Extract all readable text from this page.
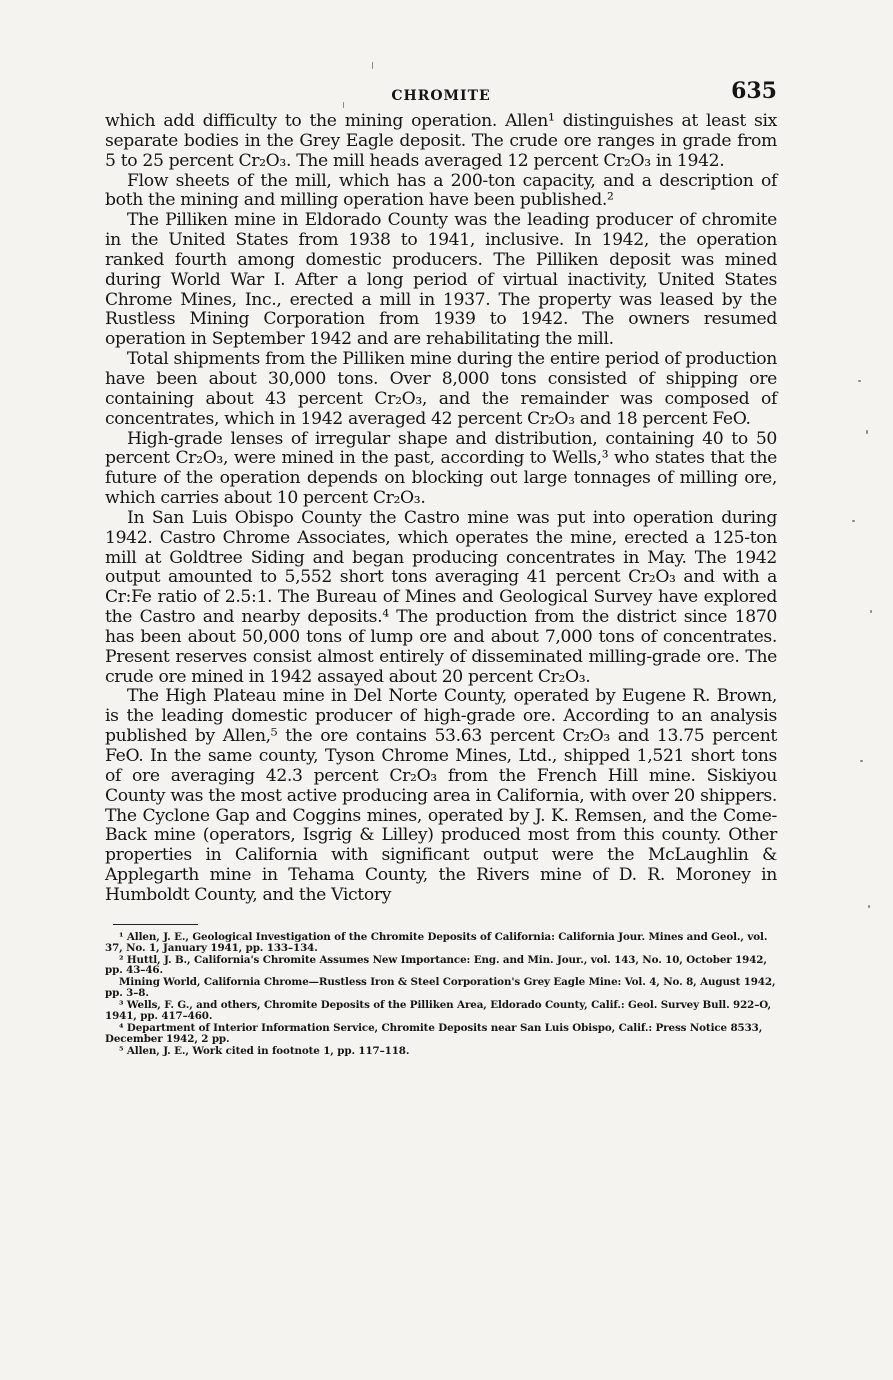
CHROMITE	635

which add difficulty to the mining operation. Allen¹ distinguishes at least six separate bodies in the Grey Eagle deposit. The crude ore ranges in grade from 5 to 25 percent Cr₂O₃. The mill heads averaged 12 percent Cr₂O₃ in 1942.

Flow sheets of the mill, which has a 200-ton capacity, and a description of both the mining and milling operation have been published.²

The Pilliken mine in Eldorado County was the leading producer of chromite in the United States from 1938 to 1941, inclusive. In 1942, the operation ranked fourth among domestic producers. The Pilliken deposit was mined during World War I. After a long period of virtual inactivity, United States Chrome Mines, Inc., erected a mill in 1937. The property was leased by the Rustless Mining Corporation from 1939 to 1942. The owners resumed operation in September 1942 and are rehabilitating the mill.

Total shipments from the Pilliken mine during the entire period of production have been about 30,000 tons. Over 8,000 tons consisted of shipping ore containing about 43 percent Cr₂O₃, and the remainder was composed of concentrates, which in 1942 averaged 42 percent Cr₂O₃ and 18 percent FeO.

High-grade lenses of irregular shape and distribution, containing 40 to 50 percent Cr₂O₃, were mined in the past, according to Wells,³ who states that the future of the operation depends on blocking out large tonnages of milling ore, which carries about 10 percent Cr₂O₃.

In San Luis Obispo County the Castro mine was put into operation during 1942. Castro Chrome Associates, which operates the mine, erected a 125-ton mill at Goldtree Siding and began producing concentrates in May. The 1942 output amounted to 5,552 short tons averaging 41 percent Cr₂O₃ and with a Cr:Fe ratio of 2.5:1. The Bureau of Mines and Geological Survey have explored the Castro and nearby deposits.⁴ The production from the district since 1870 has been about 50,000 tons of lump ore and about 7,000 tons of concentrates. Present reserves consist almost entirely of disseminated milling-grade ore. The crude ore mined in 1942 assayed about 20 percent Cr₂O₃.

The High Plateau mine in Del Norte County, operated by Eugene R. Brown, is the leading domestic producer of high-grade ore. According to an analysis published by Allen,⁵ the ore contains 53.63 percent Cr₂O₃ and 13.75 percent FeO. In the same county, Tyson Chrome Mines, Ltd., shipped 1,521 short tons of ore averaging 42.3 percent Cr₂O₃ from the French Hill mine. Siskiyou County was the most active producing area in California, with over 20 shippers. The Cyclone Gap and Coggins mines, operated by J. K. Remsen, and the Come-Back mine (operators, Isgrig & Lilley) produced most from this county. Other properties in California with significant output were the McLaughlin & Applegarth mine in Tehama County, the Rivers mine of D. R. Moroney in Humboldt County, and the Victory

¹ Allen, J. E., Geological Investigation of the Chromite Deposits of California: California Jour. Mines and Geol., vol. 37, No. 1, January 1941, pp. 133–134.

² Huttl, J. B., California's Chromite Assumes New Importance: Eng. and Min. Jour., vol. 143, No. 10, October 1942, pp. 43–46.

Mining World, California Chrome—Rustless Iron & Steel Corporation's Grey Eagle Mine: Vol. 4, No. 8, August 1942, pp. 3–8.

³ Wells, F. G., and others, Chromite Deposits of the Pilliken Area, Eldorado County, Calif.: Geol. Survey Bull. 922–O, 1941, pp. 417–460.

⁴ Department of Interior Information Service, Chromite Deposits near San Luis Obispo, Calif.: Press Notice 8533, December 1942, 2 pp.

⁵ Allen, J. E., Work cited in footnote 1, pp. 117–118.
